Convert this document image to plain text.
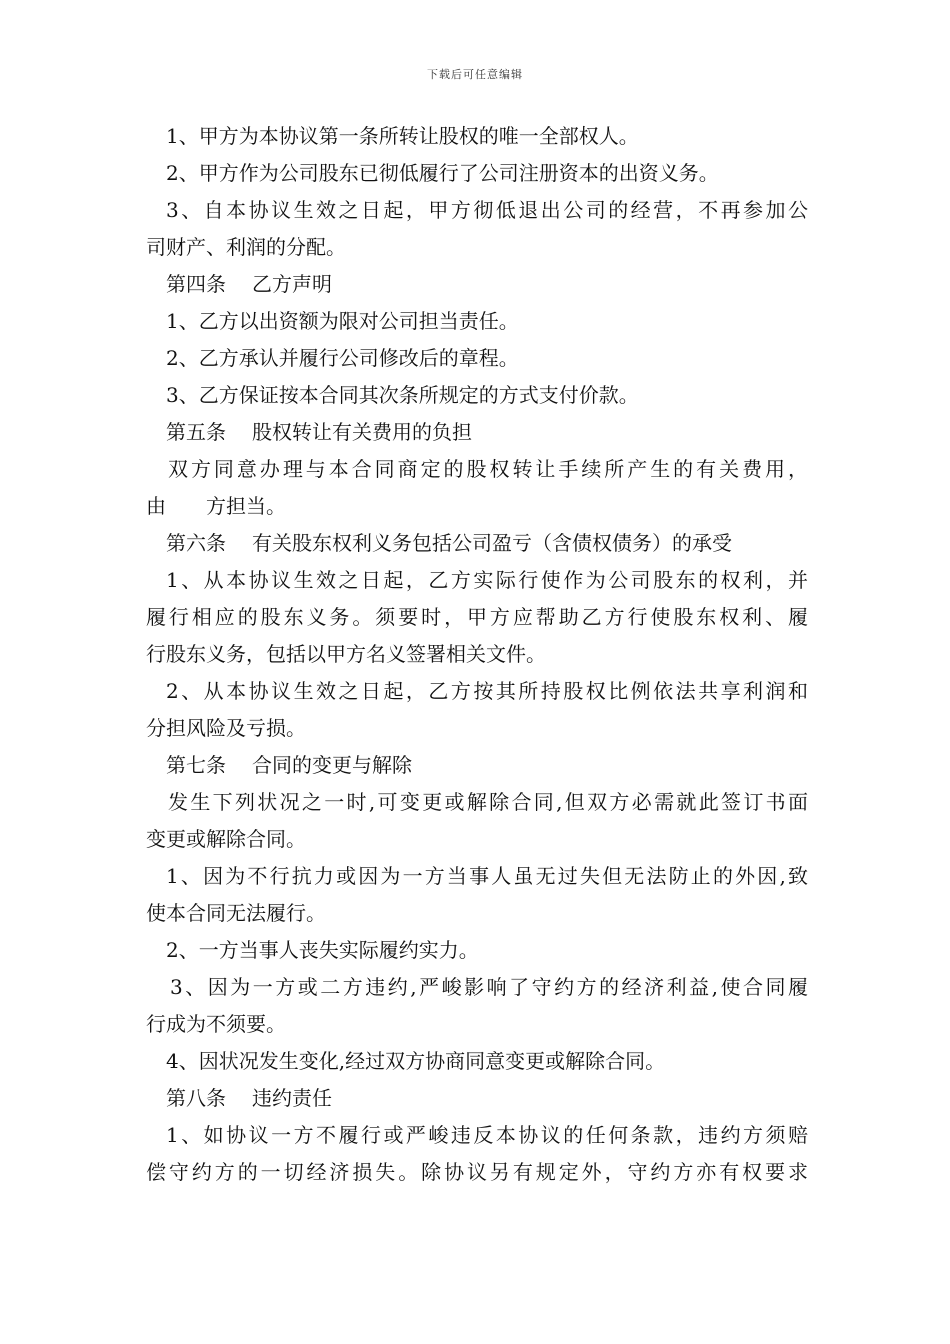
下载后可任意编辑
1、甲方为本协议第一条所转让股权的唯一全部权人。
2、甲方作为公司股东已彻低履行了公司注册资本的出资义务。
3、自本协议生效之日起，甲方彻低退出公司的经营，不再参加公
司财产、利润的分配。
第四条 乙方声明
1、乙方以出资额为限对公司担当责任。
2、乙方承认并履行公司修改后的章程。
3、乙方保证按本合同其次条所规定的方式支付价款。
第五条 股权转让有关费用的负担
双方同意办理与本合同商定的股权转让手续所产生的有关费用，
由　　方担当。
第六条 有关股东权利义务包括公司盈亏（含债权债务）的承受
1、从本协议生效之日起，乙方实际行使作为公司股东的权利，并
履行相应的股东义务。须要时，甲方应帮助乙方行使股东权利、履
行股东义务，包括以甲方名义签署相关文件。
2、从本协议生效之日起，乙方按其所持股权比例依法共享利润和
分担风险及亏损。
第七条 合同的变更与解除
发生下列状况之一时,可变更或解除合同,但双方必需就此签订书面
变更或解除合同。
1、因为不行抗力或因为一方当事人虽无过失但无法防止的外因,致
使本合同无法履行。
2、一方当事人丧失实际履约实力。
3、因为一方或二方违约,严峻影响了守约方的经济利益,使合同履
行成为不须要。
4、因状况发生变化,经过双方协商同意变更或解除合同。
第八条 违约责任
1、如协议一方不履行或严峻违反本协议的任何条款，违约方须赔
偿守约方的一切经济损失。除协议另有规定外，守约方亦有权要求
